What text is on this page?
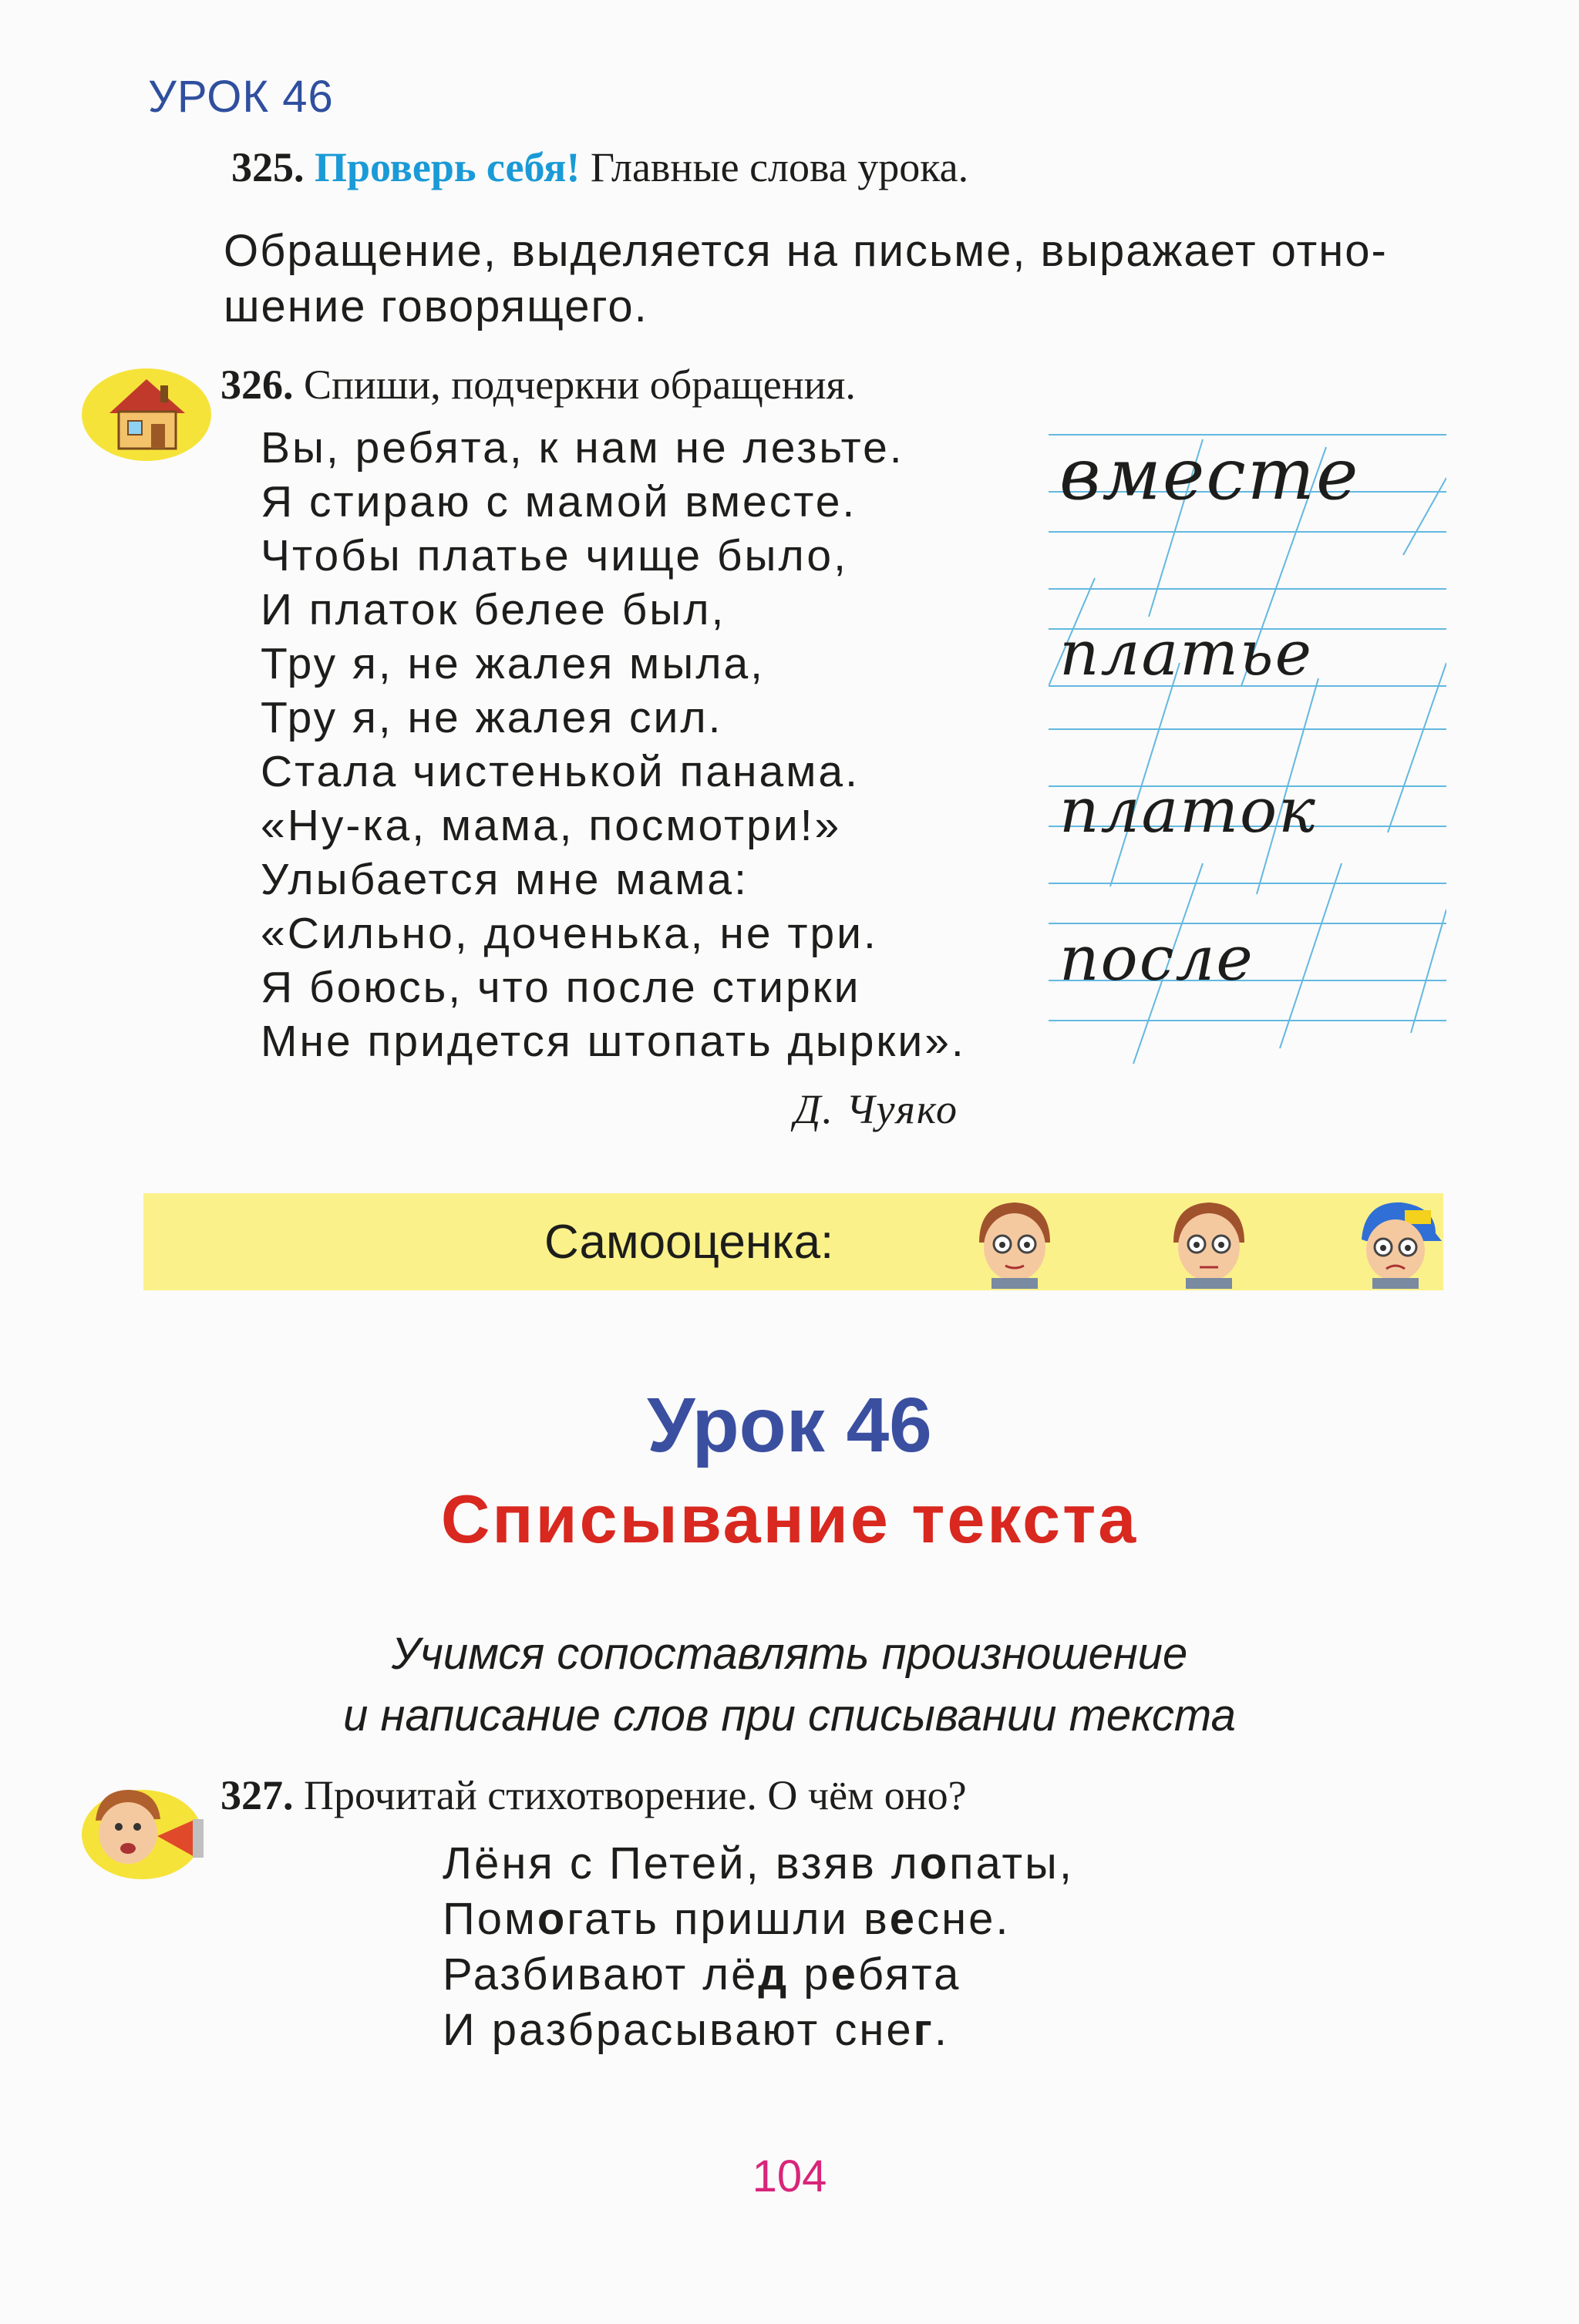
УРОК 46
325. Проверь себя! Главные слова урока.
Обращение, выделяется на письме, выражает отно-
шение говорящего.
326. Спиши, подчеркни обращения.
Вы, ребята, к нам не лезьте.
Я стираю с мамой вместе.
Чтобы платье чище было,
И платок белее был,
Тру я, не жалея мыла,
Тру я, не жалея сил.
Стала чистенькой панама.
«Ну-ка, мама, посмотри!»
Улыбается мне мама:
«Сильно, доченька, не три.
Я боюсь, что после стирки
Мне придется штопать дырки».
Д. Чуяко
вместе
платье
платок
после
Самооценка:
Урок 46
Списывание текста
Учимся сопоставлять произношение
и написание слов при списывании текста
327. Прочитай стихотворение. О чём оно?
Лёня с Петей, взяв лопаты,
Помогать пришли весне.
Разбивают лёд ребята
И разбрасывают снег.
104
